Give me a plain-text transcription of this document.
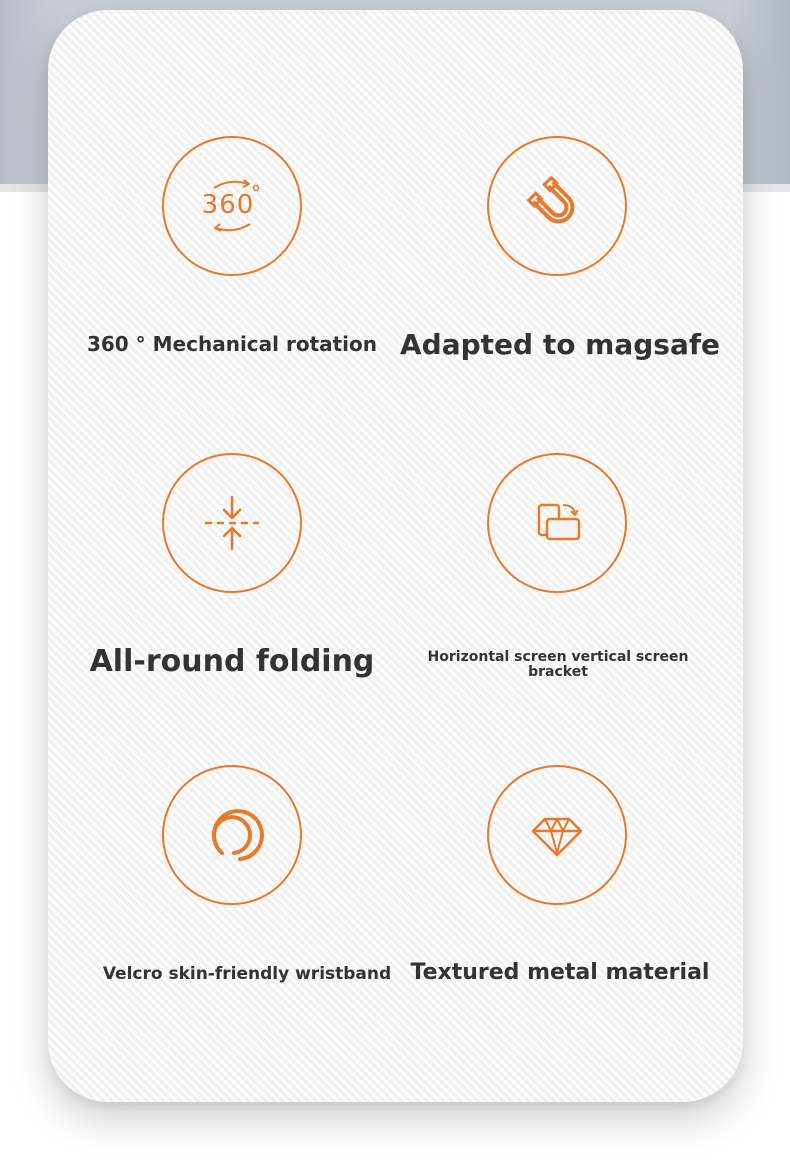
360
360 ° Mechanical rotation Adapted to magsafe
All-round folding	Horizontal screen vertical screen bracket
Velcro skin-friendly wristband Textured metal material
